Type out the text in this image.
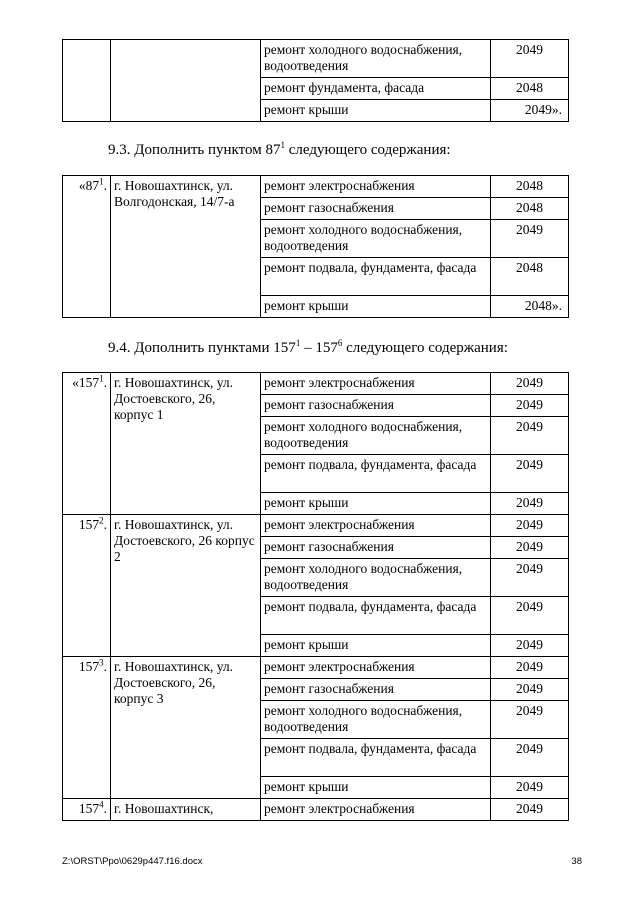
		ремонт холодного водоснабжения, водоотведения	2049
		ремонт фундамента, фасада	2048
		ремонт крыши	2049».
9.3. Дополнить пунктом $87^1$ следующего содержания:
«$87^1$.	г. Новошахтинск, ул. Волгодонская, 14/7-а	ремонт электроснабжения	2048
		ремонт газоснабжения	2048
		ремонт холодного водоснабжения, водоотведения	2049
		ремонт подвала, фундамента, фасада	2048
		ремонт крыши	2048».
9.4. Дополнить пунктами $157^1 - 157^6$ следующего содержания:
«$157^1$.	г. Новошахтинск, ул. Достоевского, 26, корпус 1	ремонт электроснабжения	2049
		ремонт газоснабжения	2049
		ремонт холодного водоснабжения, водоотведения	2049
		ремонт подвала, фундамента, фасада	2049
		ремонт крыши	2049
$157^2$.	г. Новошахтинск, ул. Достоевского, 26 корпус 2	ремонт электроснабжения	2049
		ремонт газоснабжения	2049
		ремонт холодного водоснабжения, водоотведения	2049
		ремонт подвала, фундамента, фасада	2049
		ремонт крыши	2049
$157^3$.	г. Новошахтинск, ул. Достоевского, 26, корпус 3	ремонт электроснабжения	2049
		ремонт газоснабжения	2049
		ремонт холодного водоснабжения, водоотведения	2049
		ремонт подвала, фундамента, фасада	2049
		ремонт крыши	2049
$157^4$.	г. Новошахтинск,	ремонт электроснабжения	2049
Z:\ORST\Ppo\0629p447.f16.docx	38
